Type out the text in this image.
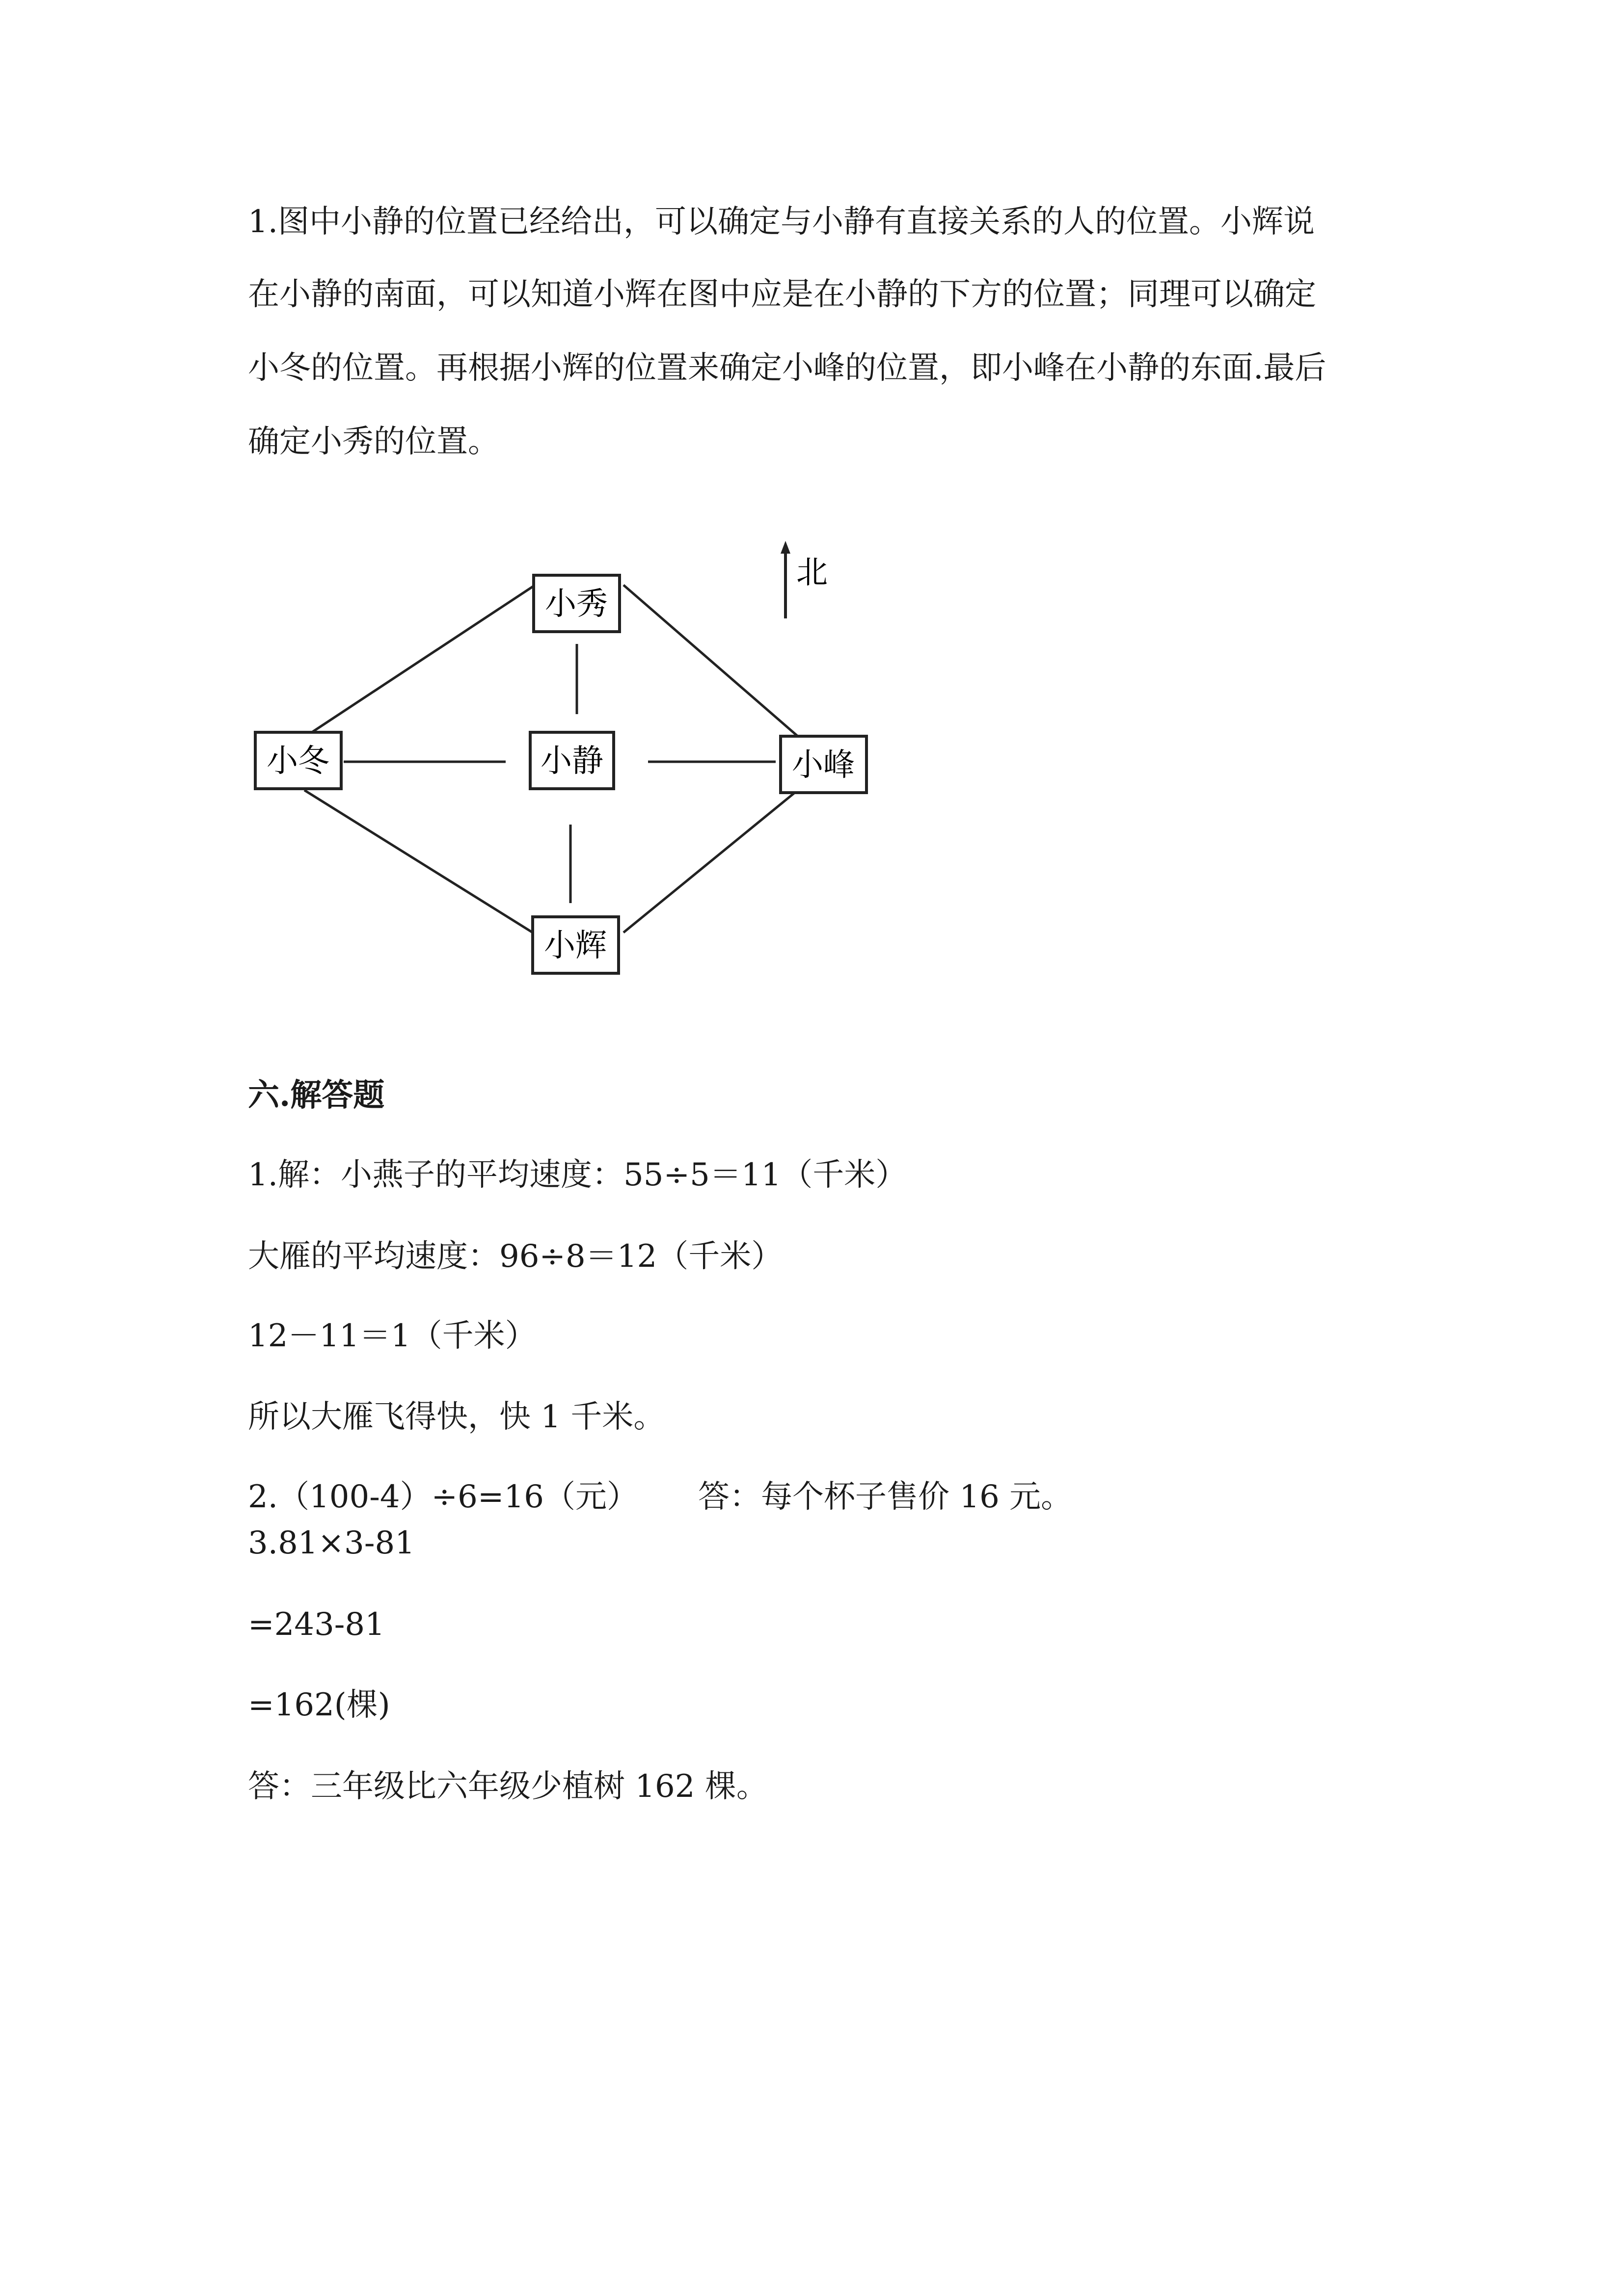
1.图中小静的位置已经给出，可以确定与小静有直接关系的人的位置。小辉说
在小静的南面，可以知道小辉在图中应是在小静的下方的位置；同理可以确定
小冬的位置。再根据小辉的位置来确定小峰的位置，即小峰在小静的东面.最后
确定小秀的位置。
小秀
小冬	小静	小峰
小辉
北
六.解答题
1.解：小燕子的平均速度：55÷5＝11（千米）
大雁的平均速度：96÷8＝12（千米）
12－11＝1（千米）
所以大雁飞得快，快 1 千米。
2.（100-4）÷6=16（元）      答：每个杯子售价 16 元。
3.81×3-81
=243-81
=162(棵)
答：三年级比六年级少植树 162 棵。
